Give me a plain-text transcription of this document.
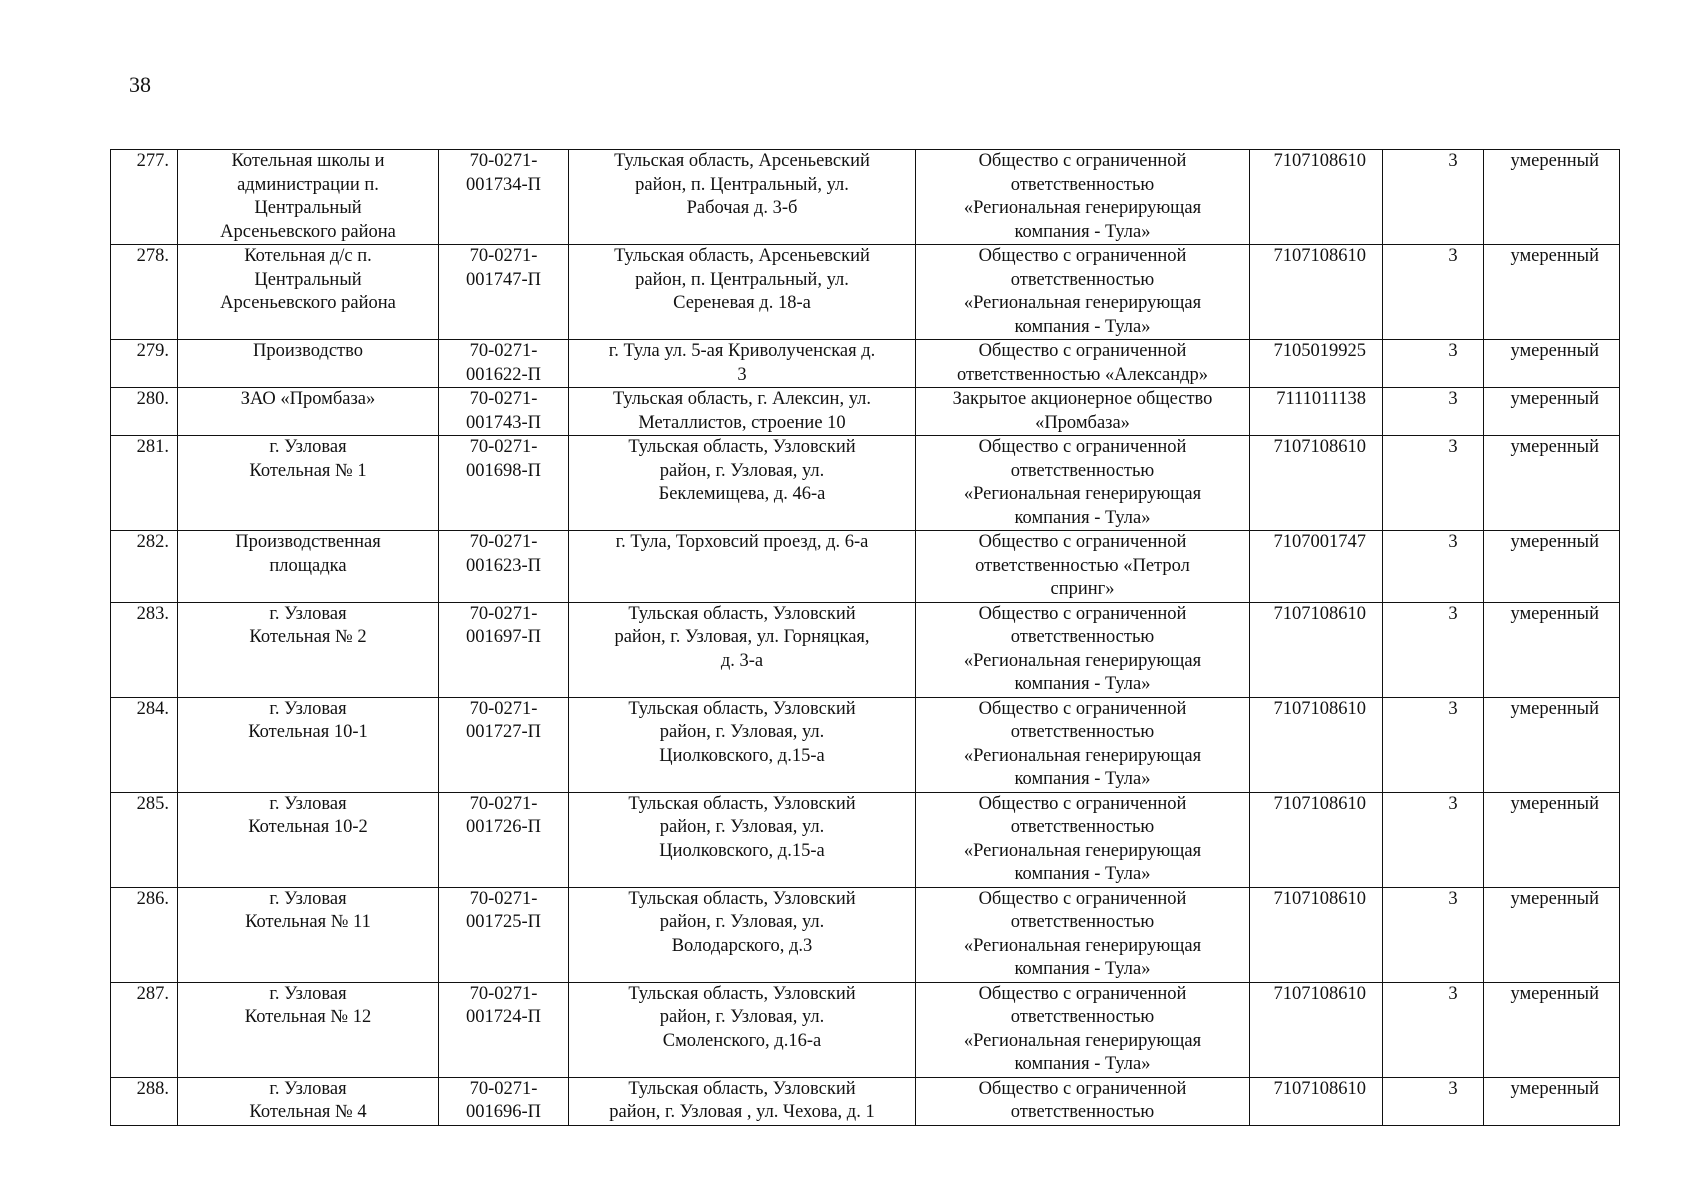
38
277.	Котельная школы и
администрации п.
Центральный
Арсеньевского района	70-0271-
001734-П	Тульская область, Арсеньевский
район, п. Центральный, ул.
Рабочая д. 3-б	Общество с ограниченной
ответственностью
«Региональная генерирующая
компания - Тула»	7107108610	3	умеренный
278.	Котельная д/с п.
Центральный
Арсеньевского района	70-0271-
001747-П	Тульская область, Арсеньевский
район, п. Центральный, ул.
Сереневая д. 18-а	Общество с ограниченной
ответственностью
«Региональная генерирующая
компания - Тула»	7107108610	3	умеренный
279.	Производство	70-0271-
001622-П	г. Тула ул. 5-ая Криволученская д.
3	Общество с ограниченной
ответственностью «Александр»	7105019925	3	умеренный
280.	ЗАО «Промбаза»	70-0271-
001743-П	Тульская область, г. Алексин, ул.
Металлистов, строение 10	Закрытое акционерное общество
«Промбаза»	7111011138	3	умеренный
281.	г. Узловая
Котельная № 1	70-0271-
001698-П	Тульская область, Узловский
район, г. Узловая, ул.
Беклемищева, д. 46-а	Общество с ограниченной
ответственностью
«Региональная генерирующая
компания - Тула»	7107108610	3	умеренный
282.	Производственная
площадка	70-0271-
001623-П	г. Тула, Торховсий проезд, д. 6-а	Общество с ограниченной
ответственностью «Петрол
спринг»	7107001747	3	умеренный
283.	г. Узловая
Котельная № 2	70-0271-
001697-П	Тульская область, Узловский
район, г. Узловая, ул. Горняцкая,
д. 3-а	Общество с ограниченной
ответственностью
«Региональная генерирующая
компания - Тула»	7107108610	3	умеренный
284.	г. Узловая
Котельная 10-1	70-0271-
001727-П	Тульская область, Узловский
район, г. Узловая, ул.
Циолковского, д.15-а	Общество с ограниченной
ответственностью
«Региональная генерирующая
компания - Тула»	7107108610	3	умеренный
285.	г. Узловая
Котельная 10-2	70-0271-
001726-П	Тульская область, Узловский
район, г. Узловая, ул.
Циолковского, д.15-а	Общество с ограниченной
ответственностью
«Региональная генерирующая
компания - Тула»	7107108610	3	умеренный
286.	г. Узловая
Котельная № 11	70-0271-
001725-П	Тульская область, Узловский
район, г. Узловая, ул.
Володарского, д.3	Общество с ограниченной
ответственностью
«Региональная генерирующая
компания - Тула»	7107108610	3	умеренный
287.	г. Узловая
Котельная № 12	70-0271-
001724-П	Тульская область, Узловский
район, г. Узловая, ул.
Смоленского, д.16-а	Общество с ограниченной
ответственностью
«Региональная генерирующая
компания - Тула»	7107108610	3	умеренный
288.	г. Узловая
Котельная № 4	70-0271-
001696-П	Тульская область, Узловский
район, г. Узловая , ул. Чехова, д. 1	Общество с ограниченной
ответственностью	7107108610	3	умеренный
